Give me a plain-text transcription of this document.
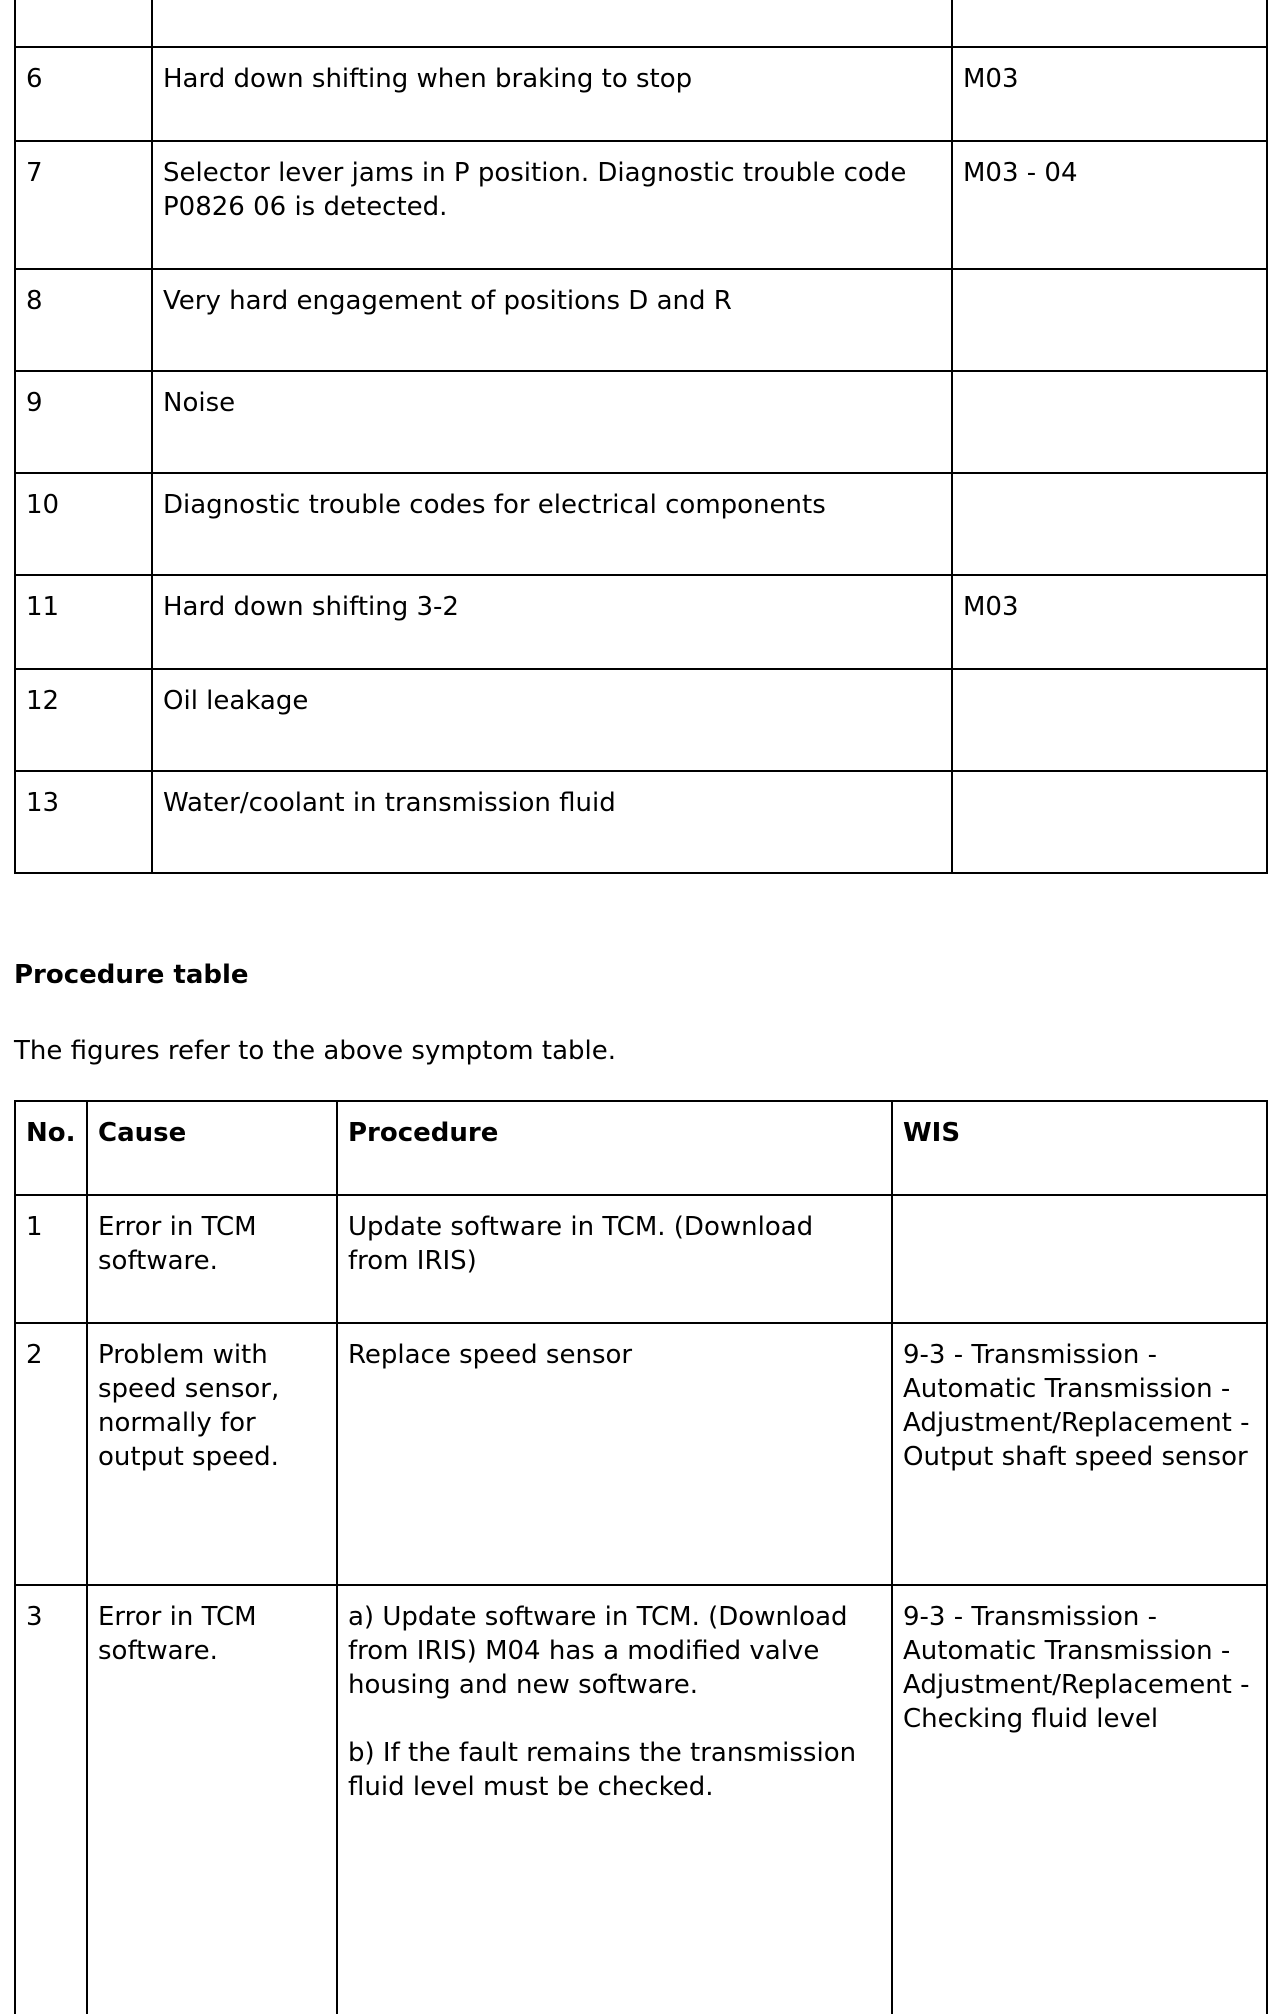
6	Hard down shifting when braking to stop	M03
7	Selector lever jams in P position. Diagnostic trouble code P0826 06 is detected.	M03 - 04
8	Very hard engagement of positions D and R	
9	Noise	
10	Diagnostic trouble codes for electrical components	
11	Hard down shifting 3-2	M03
12	Oil leakage	
13	Water/coolant in transmission fluid	
Procedure table

The figures refer to the above symptom table.

No.	Cause	Procedure	WIS
1	Error in TCM software.	Update software in TCM. (Download from IRIS)	

2	Problem with speed sensor, normally for output speed.	Replace speed sensor	9-3 - Transmission - Automatic Transmission - Adjustment/Replacement - Output shaft speed sensor
3	Error in TCM software.	a) Update software in TCM. (Download from IRIS) M04 has a modified valve housing and new software.

b) If the fault remains the transmission fluid level must be checked.	9-3 - Transmission - Automatic Transmission - Adjustment/Replacement - Checking fluid level
